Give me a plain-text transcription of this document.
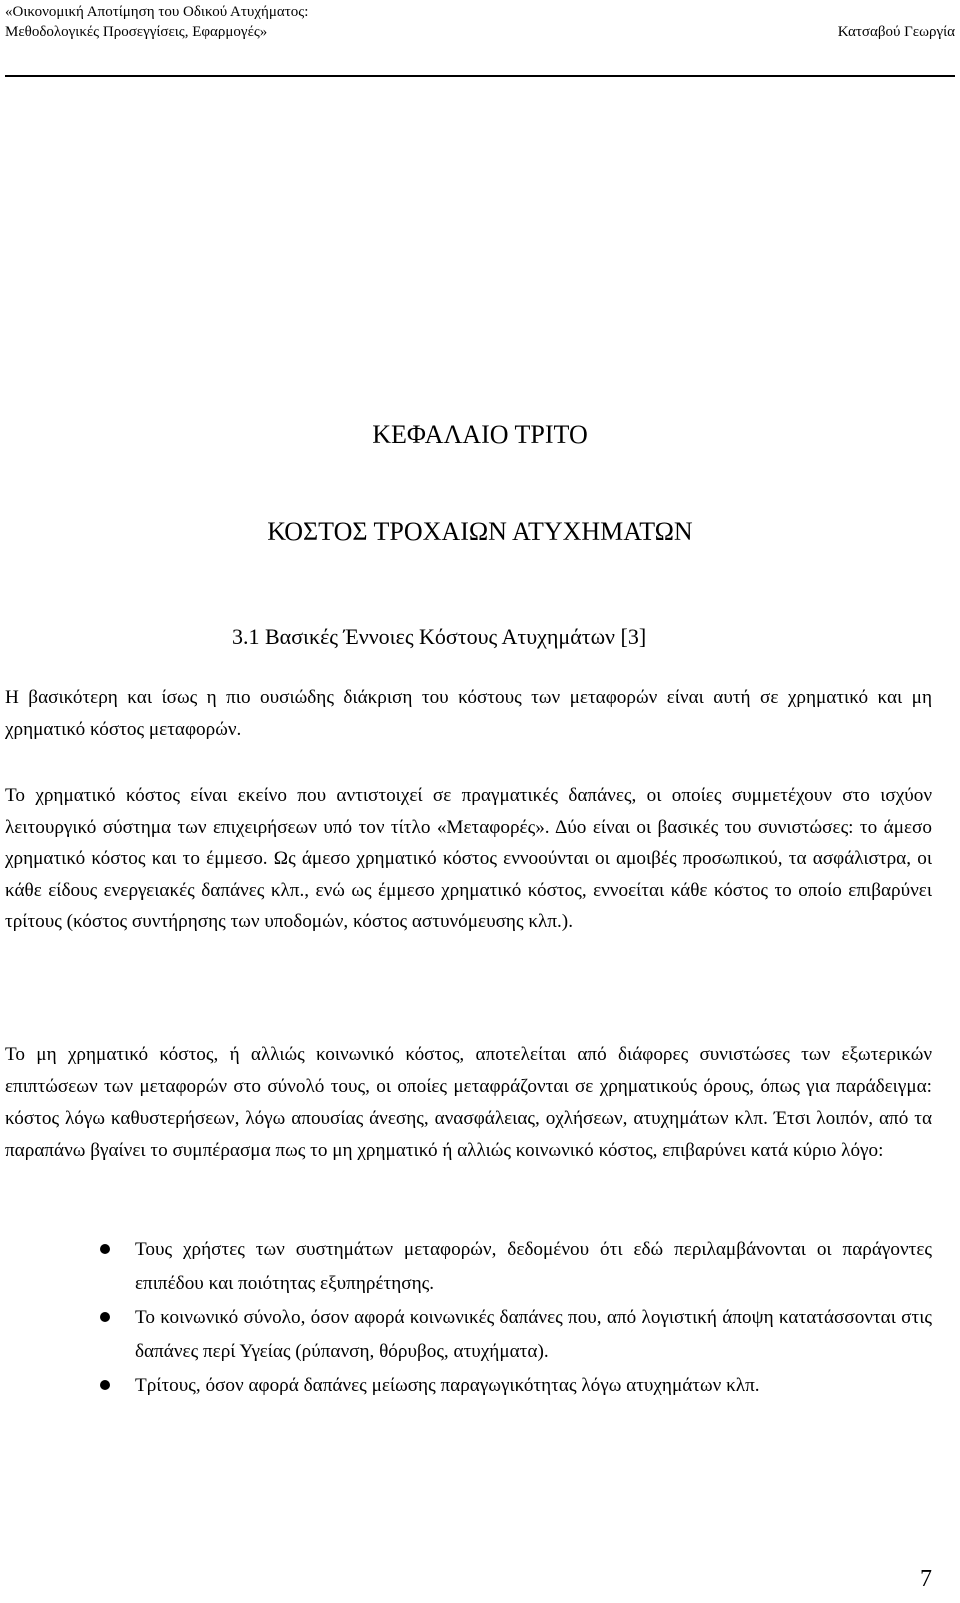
«Οικονομική Αποτίμηση του Οδικού Ατυχήματος:
Μεθοδολογικές Προσεγγίσεις, Εφαρμογές»	Κατσαβού Γεωργία
ΚΕΦΑΛΑΙΟ ΤΡΙΤΟ
ΚΟΣΤΟΣ ΤΡΟΧΑΙΩΝ ΑΤΥΧΗΜΑΤΩΝ
3.1 Βασικές Έννοιες Κόστους Ατυχημάτων [3]

Η βασικότερη και ίσως η πιο ουσιώδης διάκριση του κόστους των μεταφορών είναι αυτή σε χρηματικό και μη χρηματικό κόστος μεταφορών.

Το χρηματικό κόστος είναι εκείνο που αντιστοιχεί σε πραγματικές δαπάνες, οι οποίες συμμετέχουν στο ισχύον λειτουργικό σύστημα των επιχειρήσεων υπό τον τίτλο «Μεταφορές». Δύο είναι οι βασικές του συνιστώσες: το άμεσο χρηματικό κόστος και το έμμεσο. Ως άμεσο χρηματικό κόστος εννοούνται οι αμοιβές προσωπικού, τα ασφάλιστρα, οι κάθε είδους ενεργειακές δαπάνες κλπ., ενώ ως έμμεσο χρηματικό κόστος, εννοείται κάθε κόστος το οποίο επιβαρύνει τρίτους (κόστος συντήρησης των υποδομών, κόστος αστυνόμευσης κλπ.).

Το μη χρηματικό κόστος, ή αλλιώς κοινωνικό κόστος, αποτελείται από διάφορες συνιστώσες των εξωτερικών επιπτώσεων των μεταφορών στο σύνολό τους, οι οποίες μεταφράζονται σε χρηματικούς όρους, όπως για παράδειγμα: κόστος λόγω καθυστερήσεων, λόγω απουσίας άνεσης, ανασφάλειας, οχλήσεων, ατυχημάτων κλπ. Έτσι λοιπόν, από τα παραπάνω βγαίνει το συμπέρασμα πως το μη χρηματικό ή αλλιώς κοινωνικό κόστος, επιβαρύνει κατά κύριο λόγο:

Τους χρήστες των συστημάτων μεταφορών, δεδομένου ότι εδώ περιλαμβάνονται οι παράγοντες επιπέδου και ποιότητας εξυπηρέτησης.
Το κοινωνικό σύνολο, όσον αφορά κοινωνικές δαπάνες που, από λογιστική άποψη κατατάσσονται στις δαπάνες περί Υγείας (ρύπανση, θόρυβος, ατυχήματα).
Τρίτους, όσον αφορά δαπάνες μείωσης παραγωγικότητας λόγω ατυχημάτων κλπ.
7
